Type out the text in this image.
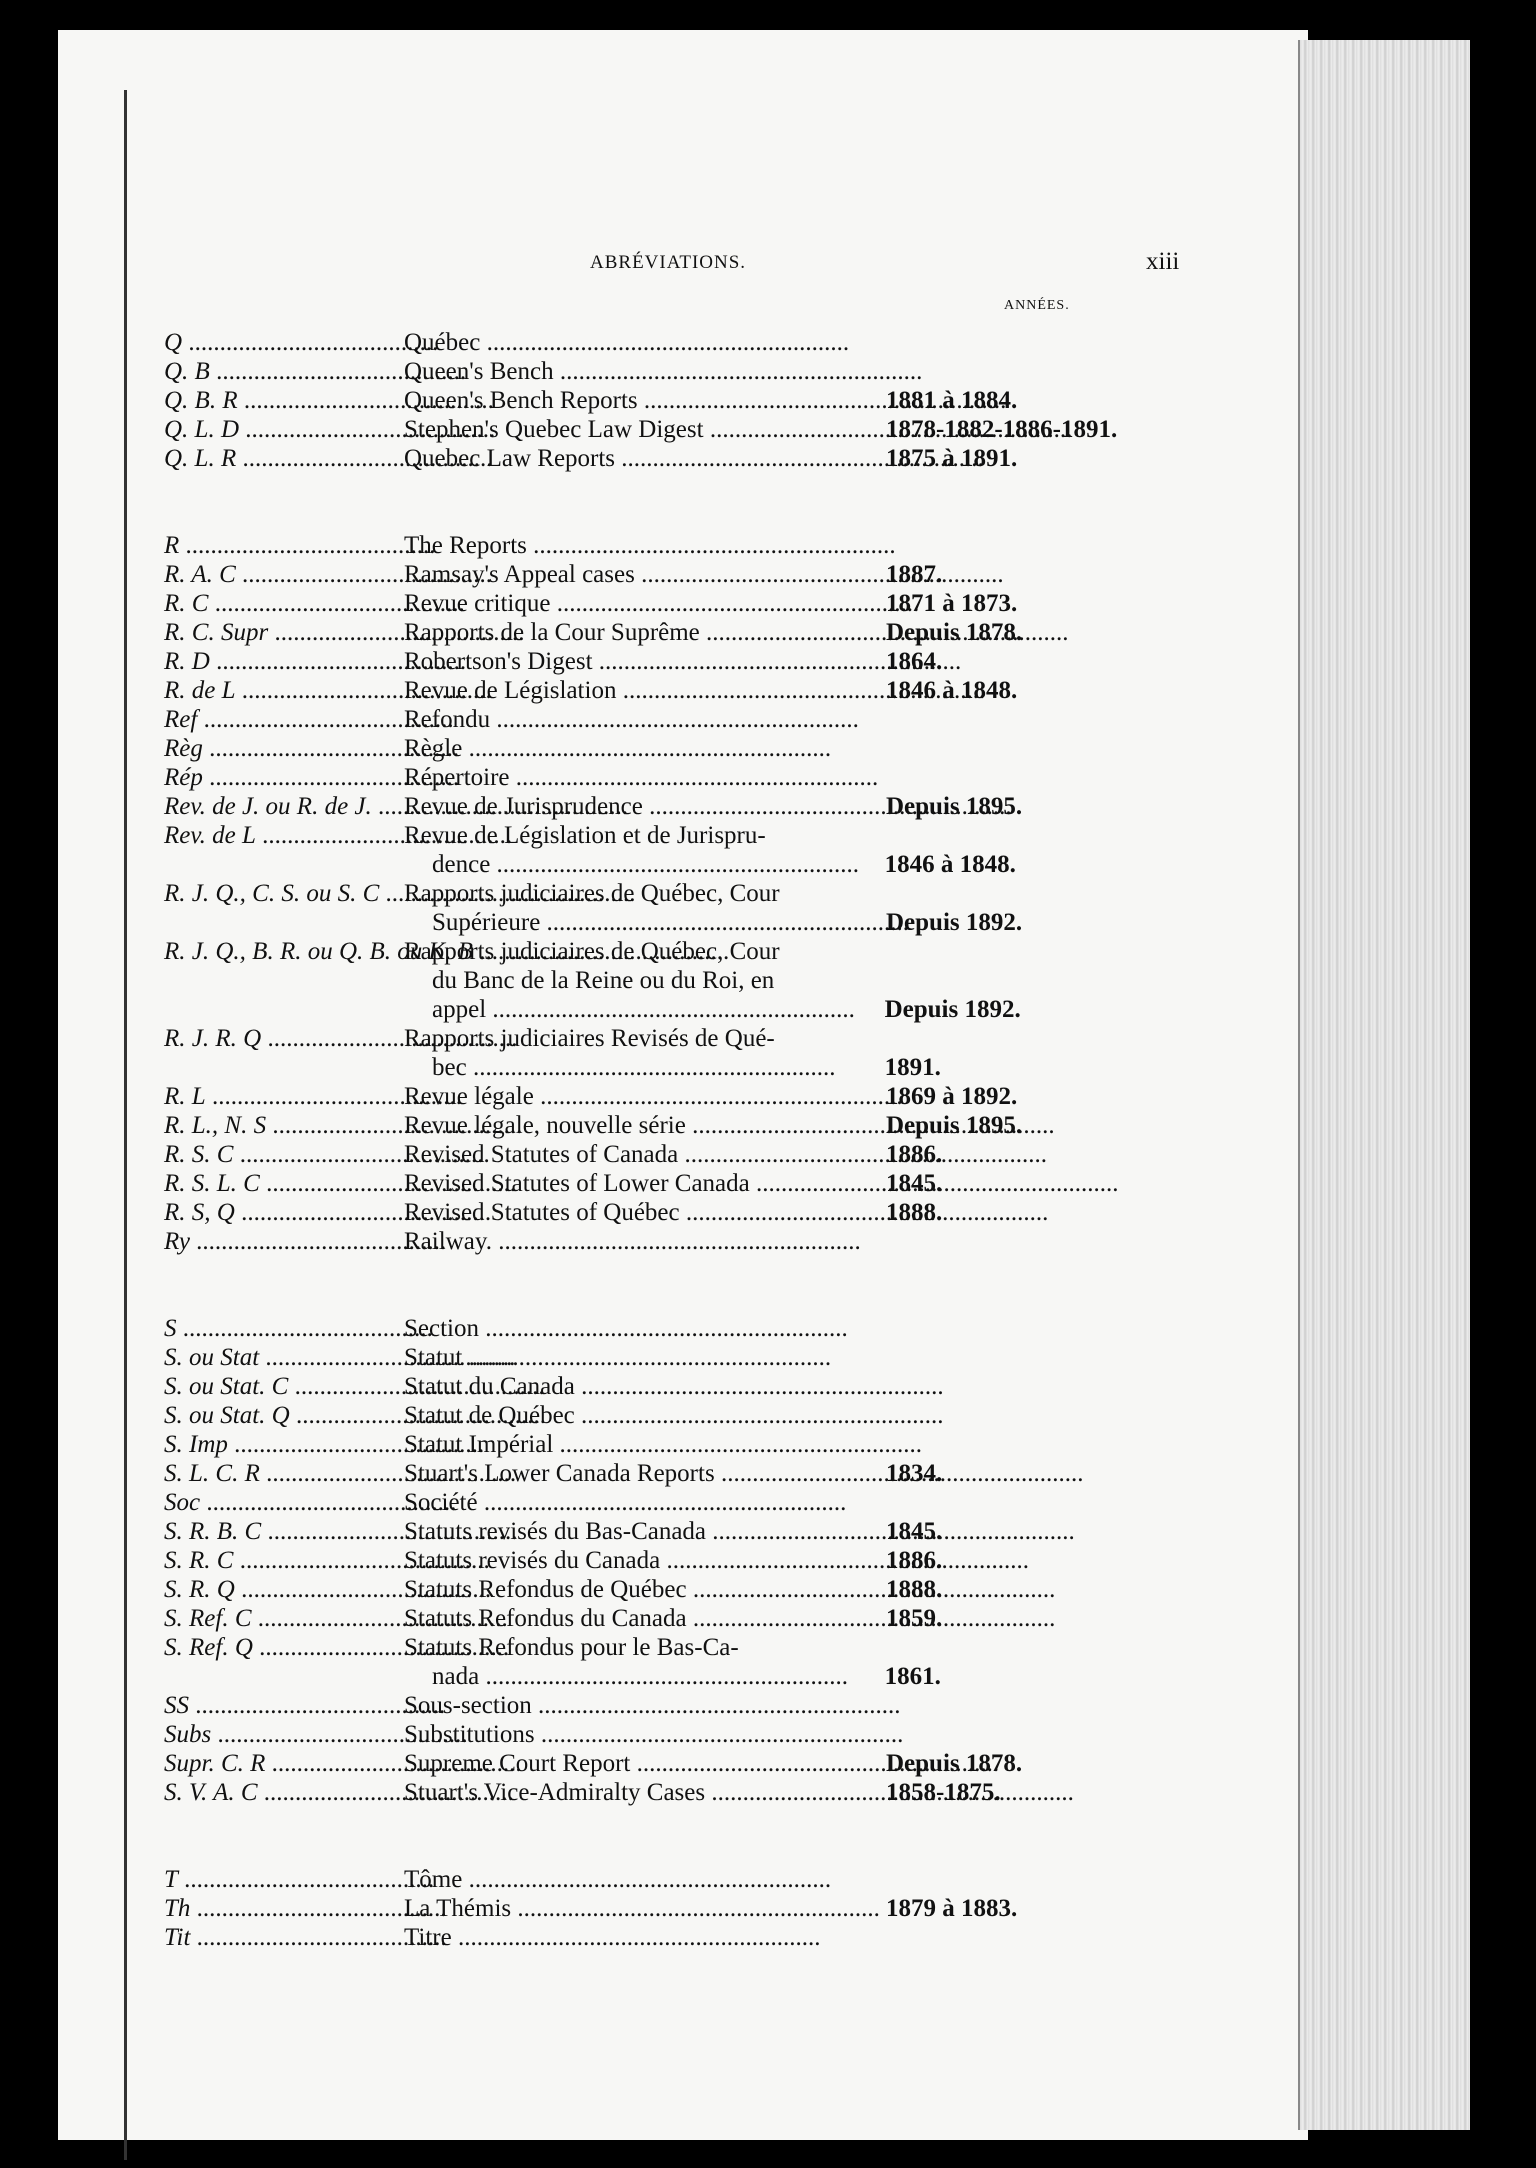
ABRÉVIATIONS.	xiii
ANNÉES.
Q .....	Québec .....
Q. B .....	Queen's Bench .....
Q. B. R .....	Queen's Bench Reports .....	1881 à 1884.
Q. L. D .....	Stephen's Quebec Law Digest .....	1878-1882-1886-1891.
Q. L. R .....	Quebec Law Reports .....	1875 à 1891.
R .....	The Reports .....
R. A. C .....	Ramsay's Appeal cases .....	1887.
R. C .....	Revue critique .....	1871 à 1873.
R. C. Supr .....	Rapports de la Cour Suprême .....	Depuis 1878.
R. D .....	Robertson's Digest .....	1864.
R. de L .....	Revue de Législation .....	1846 à 1848.
Ref .....	Refondu .....
Règ .....	Règle .....
Rép .....	Répertoire .....
Rev. de J. ou R. de J. .....	Revue de Jurisprudence .....	Depuis 1895.
Rev. de L .....	Revue de Législation et de Jurispru-
dence .....	1846 à 1848.
R. J. Q., C. S. ou S. C ..... Rapports judiciaires de Québec, Cour
Supérieure .....	Depuis 1892.
R. J. Q., B. R. ou Q. B. ou K. B .....
Rapports judiciaires de Québec, Cour
du Banc de la Reine ou du Roi, en
appel .....	Depuis 1892.
R. J. R. Q .....	Rapports judiciaires Revisés de Qué-
bec .....	1891.
R. L .....	Revue légale .....	1869 à 1892.
R. L., N. S .....	Revue légale, nouvelle série .....	Depuis 1895.
R. S. C .....	Revised Statutes of Canada .....	1886.
R. S. L. C .....	Revised Statutes of Lower Canada .....	1845.
R. S, Q .....	Revised Statutes of Québec .....	1888.
Ry .....	Railway. .....
S .....	Section .....
S. ou Stat .....	Statut .....
S. ou Stat. C .....	Statut du Canada .....
S. ou Stat. Q .....	Statut de Québec .....
S. Imp .....	Statut Impérial .....
S. L. C. R .....	Stuart's Lower Canada Reports .....	1834.
Soc .....	Société .....
S. R. B. C .....	Statuts revisés du Bas-Canada .....	1845.
S. R. C .....	Statuts revisés du Canada .....	1886.
S. R. Q .....	Statuts Refondus de Québec .....	1888.
S. Ref. C .....	Statuts Refondus du Canada .....	1859.
S. Ref. Q .....	Statuts Refondus pour le Bas-Ca-
nada .....	1861.
SS .....	Sous-section .....
Subs .....	Substitutions .....
Supr. C. R .....	Supreme Court Report .....	Depuis 1878.
S. V. A. C .....	Stuart's Vice-Admiralty Cases .....	1858-1875.
T .....	Tôme .....
Th .....	La Thémis .....	1879 à 1883.
Tit .....	Titre .....
